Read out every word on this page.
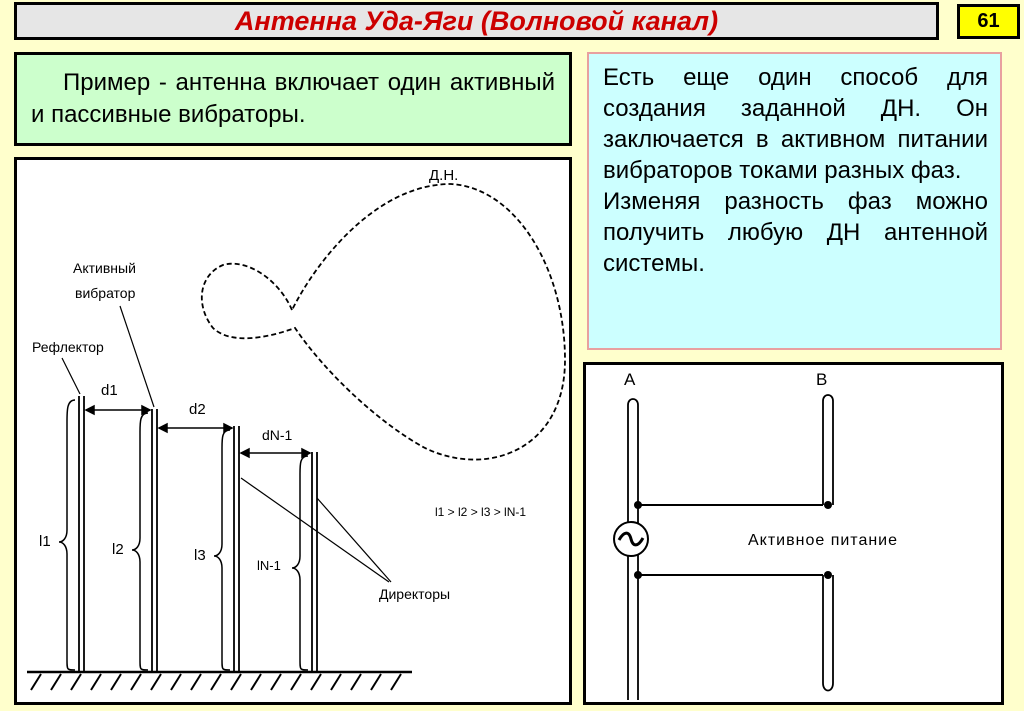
Антенна Уда-Яги (Волновой канал)	61
Пример - антенна включает один активный и пассивные вибраторы.

Есть еще один способ для создания заданной ДН. Он заключается в активном питании вибраторов токами разных фаз.

Изменяя разность фаз можно получить любую ДН антенной системы.

Д.Н.
l1	l2	l3
lN-1
d1
d2
dN-1
Активный
вибратор
Рефлектор
Директоры
l1 > l2 > l3 > lN-1
A	B
Активное питание
